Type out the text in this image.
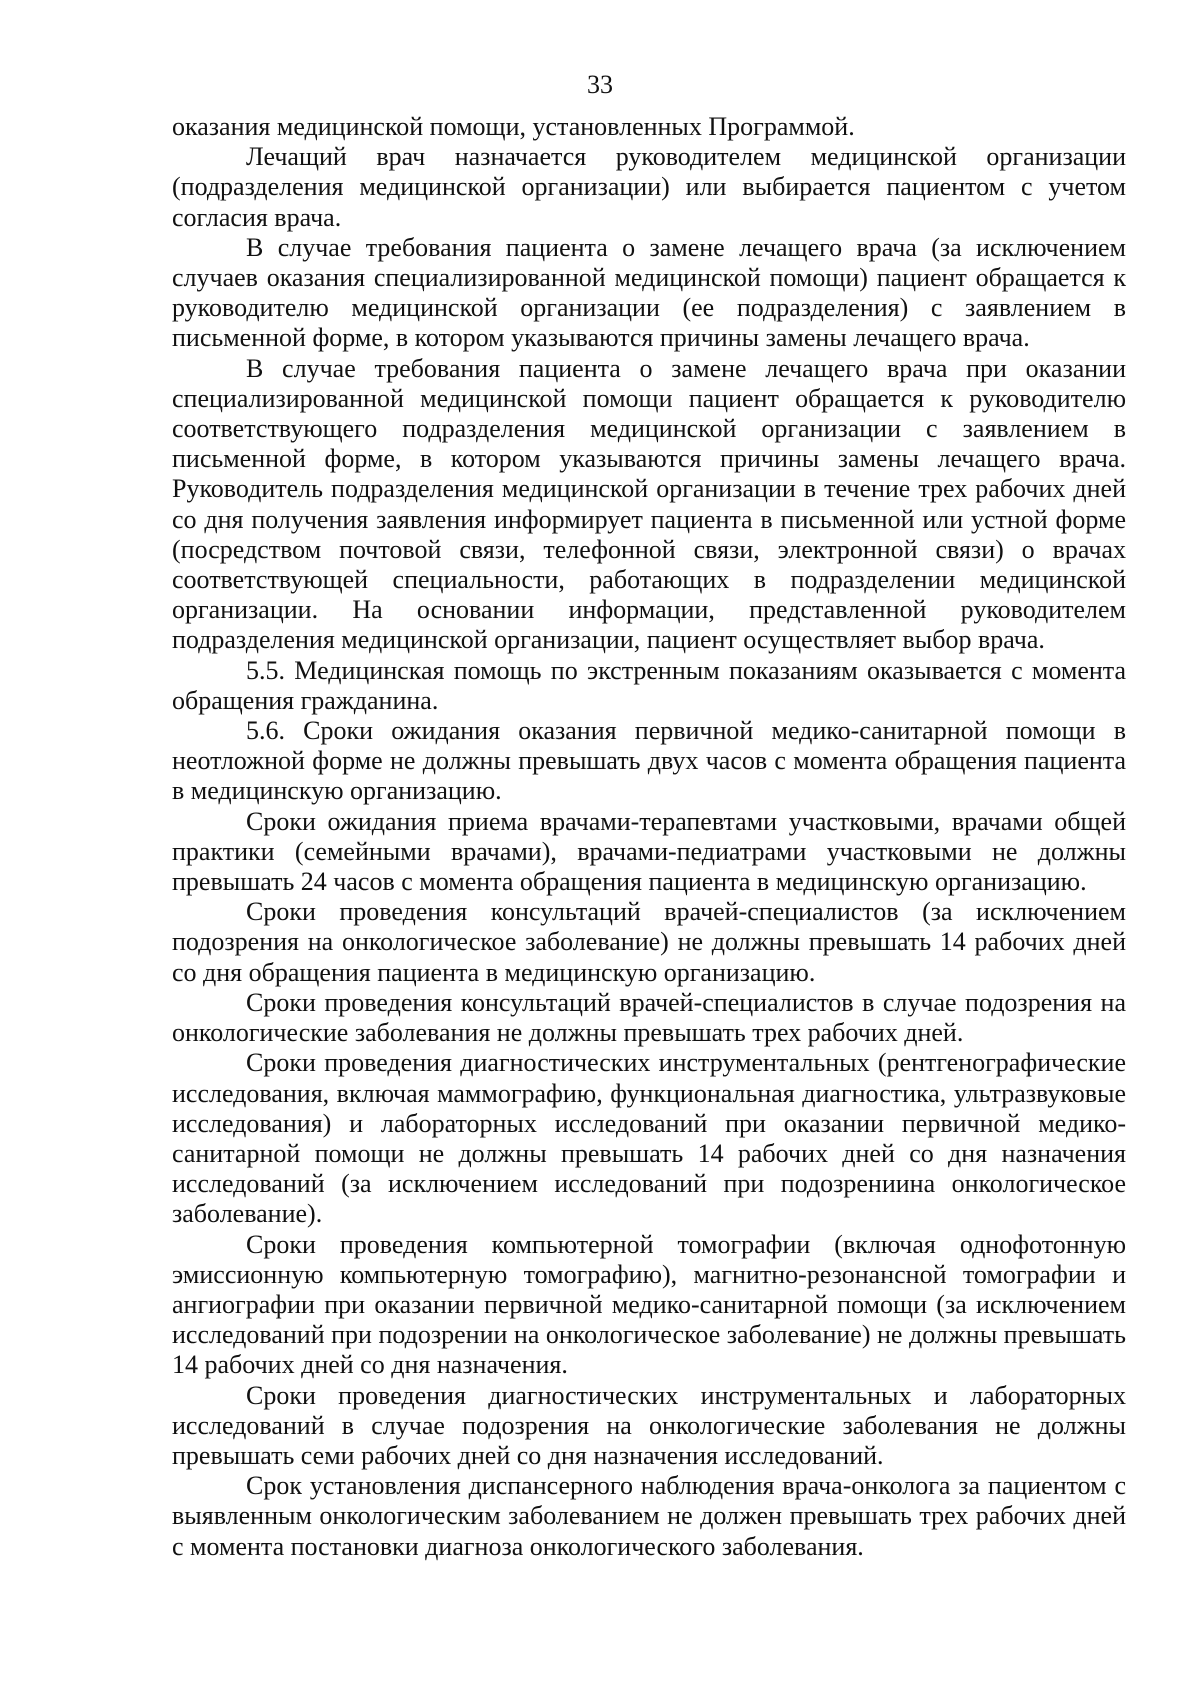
33

оказания медицинской помощи, установленных Программой.

Лечащий врач назначается руководителем медицинской организации (подразделения медицинской организации) или выбирается пациентом с учетом согласия врача.

В случае требования пациента о замене лечащего врача (за исключением случаев оказания специализированной медицинской помощи) пациент обращается к руководителю медицинской организации (ее подразделения) с заявлением в письменной форме, в котором указываются причины замены лечащего врача.

В случае требования пациента о замене лечащего врача при оказании специализированной медицинской помощи пациент обращается к руководителю соответствующего подразделения медицинской организации с заявлением в письменной форме, в котором указываются причины замены лечащего врача. Руководитель подразделения медицинской организации в течение трех рабочих дней со дня получения заявления информирует пациента в письменной или устной форме (посредством почтовой связи, телефонной связи, электронной связи) о врачах соответствующей специальности, работающих в подразделении медицинской организации. На основании информации, представленной руководителем подразделения медицинской организации, пациент осуществляет выбор врача.

5.5. Медицинская помощь по экстренным показаниям оказывается с момента обращения гражданина.

5.6. Сроки ожидания оказания первичной медико-санитарной помощи в неотложной форме не должны превышать двух часов с момента обращения пациента в медицинскую организацию.

Сроки ожидания приема врачами-терапевтами участковыми, врачами общей практики (семейными врачами), врачами-педиатрами участковыми не должны превышать 24 часов с момента обращения пациента в медицинскую организацию.

Сроки проведения консультаций врачей-специалистов (за исключением подозрения на онкологическое заболевание) не должны превышать 14 рабочих дней со дня обращения пациента в медицинскую организацию.

Сроки проведения консультаций врачей-специалистов в случае подозрения на онкологические заболевания не должны превышать трех рабочих дней.

Сроки проведения диагностических инструментальных (рентгенографические исследования, включая маммографию, функциональная диагностика, ультразвуковые исследования) и лабораторных исследований при оказании первичной медико-санитарной помощи не должны превышать 14 рабочих дней со дня назначения исследований (за исключением исследований при подозрениина онкологическое заболевание).

Сроки проведения компьютерной томографии (включая однофотонную эмиссионную компьютерную томографию), магнитно-резонансной томографии и ангиографии при оказании первичной медико-санитарной помощи (за исключением исследований при подозрении на онкологическое заболевание) не должны превышать 14 рабочих дней со дня назначения.

Сроки проведения диагностических инструментальных и лабораторных исследований в случае подозрения на онкологические заболевания не должны превышать семи рабочих дней со дня назначения исследований.

Срок установления диспансерного наблюдения врача-онколога за пациентом с выявленным онкологическим заболеванием не должен превышать трех рабочих дней с момента постановки диагноза онкологического заболевания.
